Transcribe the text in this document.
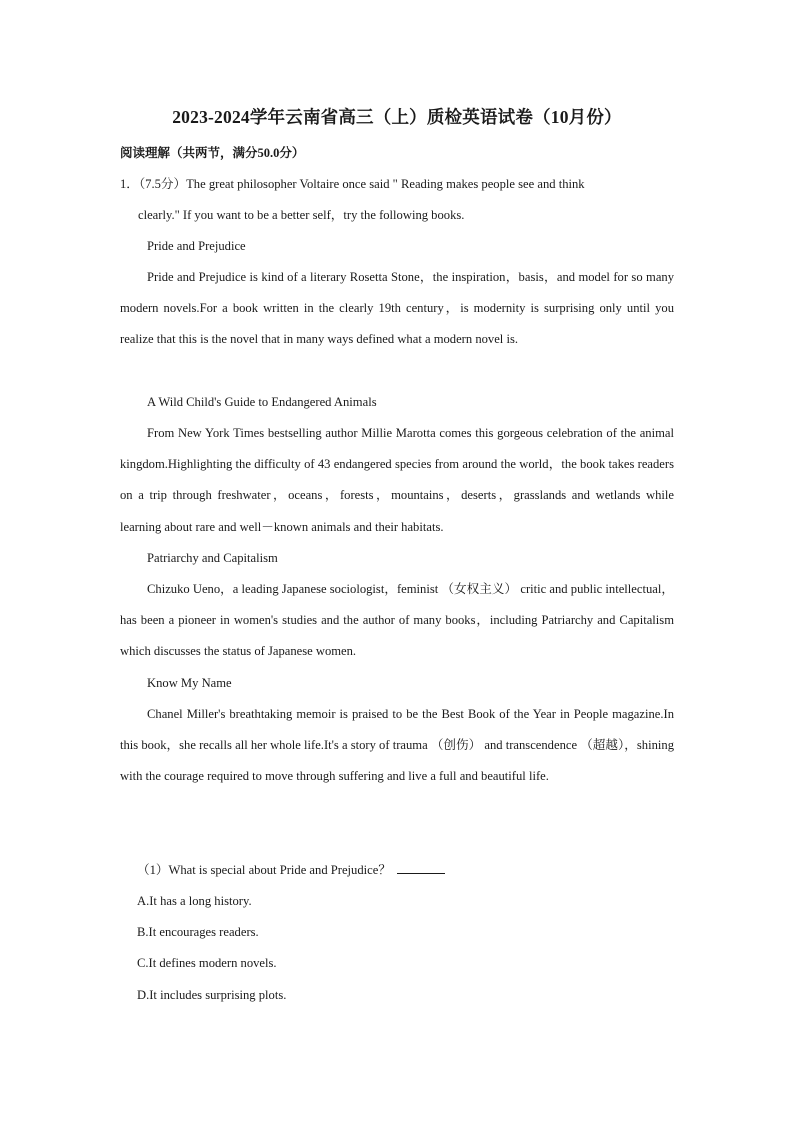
2023-2024学年云南省高三（上）质检英语试卷（10月份）
阅读理解（共两节，满分50.0分）
1．（7.5分）The great philosopher Voltaire once said " Reading makes people see and think
clearly." If you want to be a better self，try the following books.
Pride and Prejudice

Pride and Prejudice is kind of a literary Rosetta Stone，the inspiration，basis，and model for so many modern novels.For a book written in the clearly 19th century，is modernity is surprising only until you realize that this is the novel that in many ways defined what a modern novel is.

A Wild Child's Guide to Endangered Animals

From New York Times bestselling author Millie Marotta comes this gorgeous celebration of the animal kingdom.Highlighting the difficulty of 43 endangered species from around the world，the book takes readers on a trip through freshwater，oceans，forests，mountains，deserts，grasslands and wetlands while learning about rare and well－known animals and their habitats.

Patriarchy and Capitalism

Chizuko Ueno，a leading Japanese sociologist，feminist （女权主义） critic and public intellectual，has been a pioneer in women's studies and the author of many books，including Patriarchy and Capitalism which discusses the status of Japanese women.

Know My Name

Chanel Miller's breathtaking memoir is praised to be the Best Book of the Year in People magazine.In this book，she recalls all her whole life.It's a story of trauma （创伤） and transcendence （超越），shining with the courage required to move through suffering and live a full and beautiful life.

（1）What is special about Pride and Prejudice？
A.It has a long history.
B.It encourages readers.
C.It defines modern novels.
D.It includes surprising plots.
